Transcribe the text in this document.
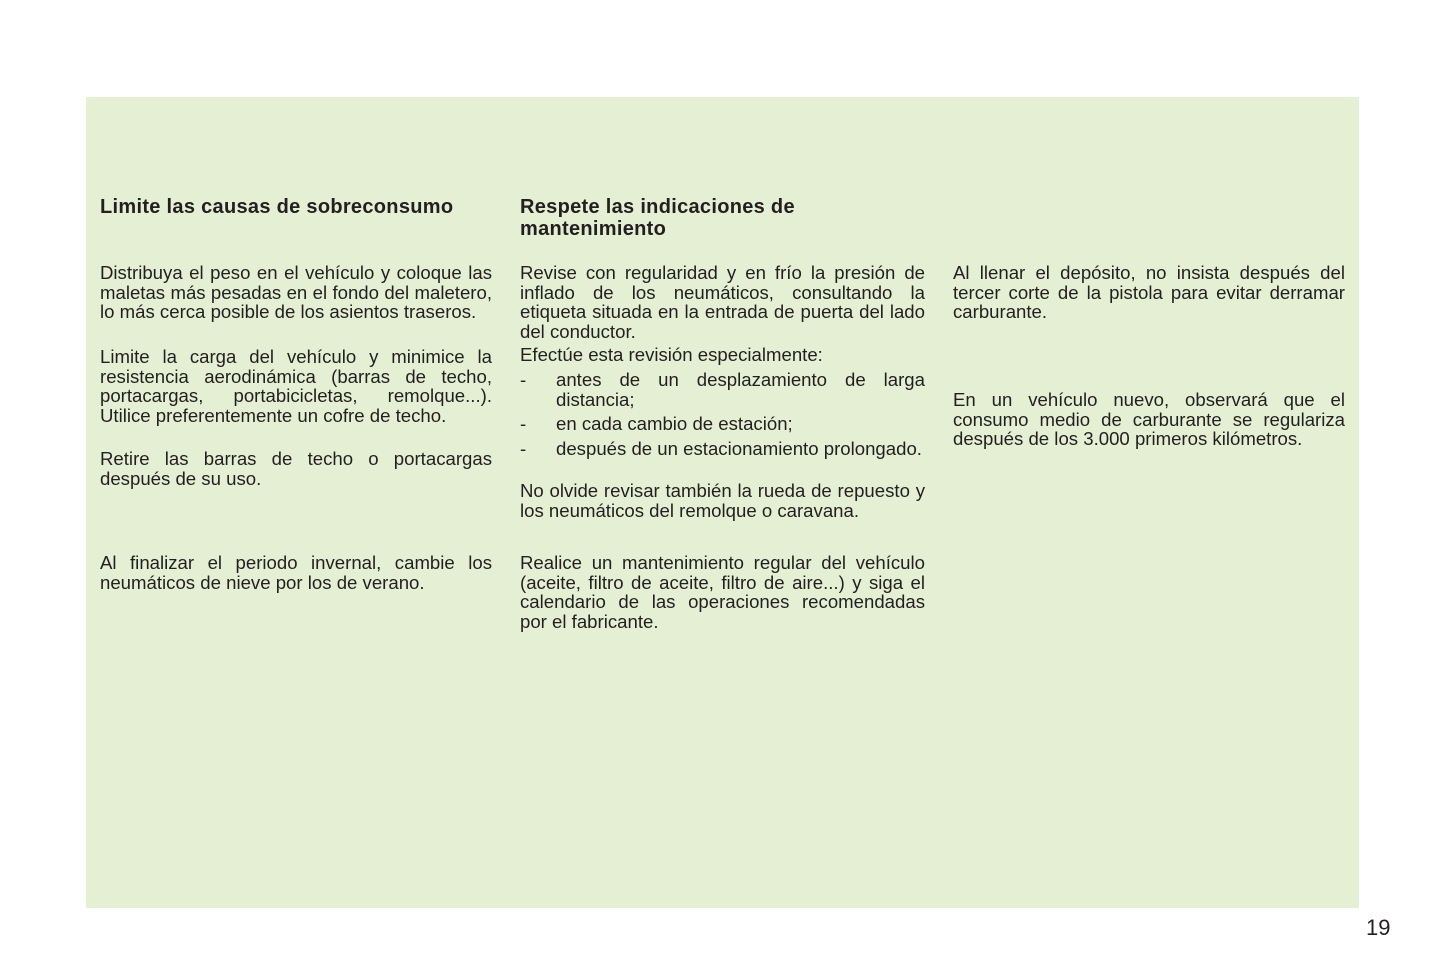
Limite las causas de sobreconsumo

Distribuya el peso en el vehículo y coloque las maletas más pesadas en el fondo del maletero, lo más cerca posible de los asientos traseros.

Limite la carga del vehículo y minimice la resistencia aerodinámica (barras de techo, portacargas, portabicicletas, remolque...). Utilice preferentemente un cofre de techo.

Retire las barras de techo o portacargas después de su uso.

Al finalizar el periodo invernal, cambie los neumáticos de nieve por los de verano.

Respete las indicaciones de mantenimiento

Revise con regularidad y en frío la presión de inflado de los neumáticos, consultando la etiqueta situada en la entrada de puerta del lado del conductor.

Efectúe esta revisión especialmente:

- antes de un desplazamiento de larga distancia;
- en cada cambio de estación;
- después de un estacionamiento prolongado.

No olvide revisar también la rueda de repuesto y los neumáticos del remolque o caravana.

Realice un mantenimiento regular del vehículo (aceite, filtro de aceite, filtro de aire...) y siga el calendario de las operaciones recomendadas por el fabricante.

Al llenar el depósito, no insista después del tercer corte de la pistola para evitar derramar carburante.

En un vehículo nuevo, observará que el consumo medio de carburante se regulariza después de los 3.000 primeros kilómetros.

19
